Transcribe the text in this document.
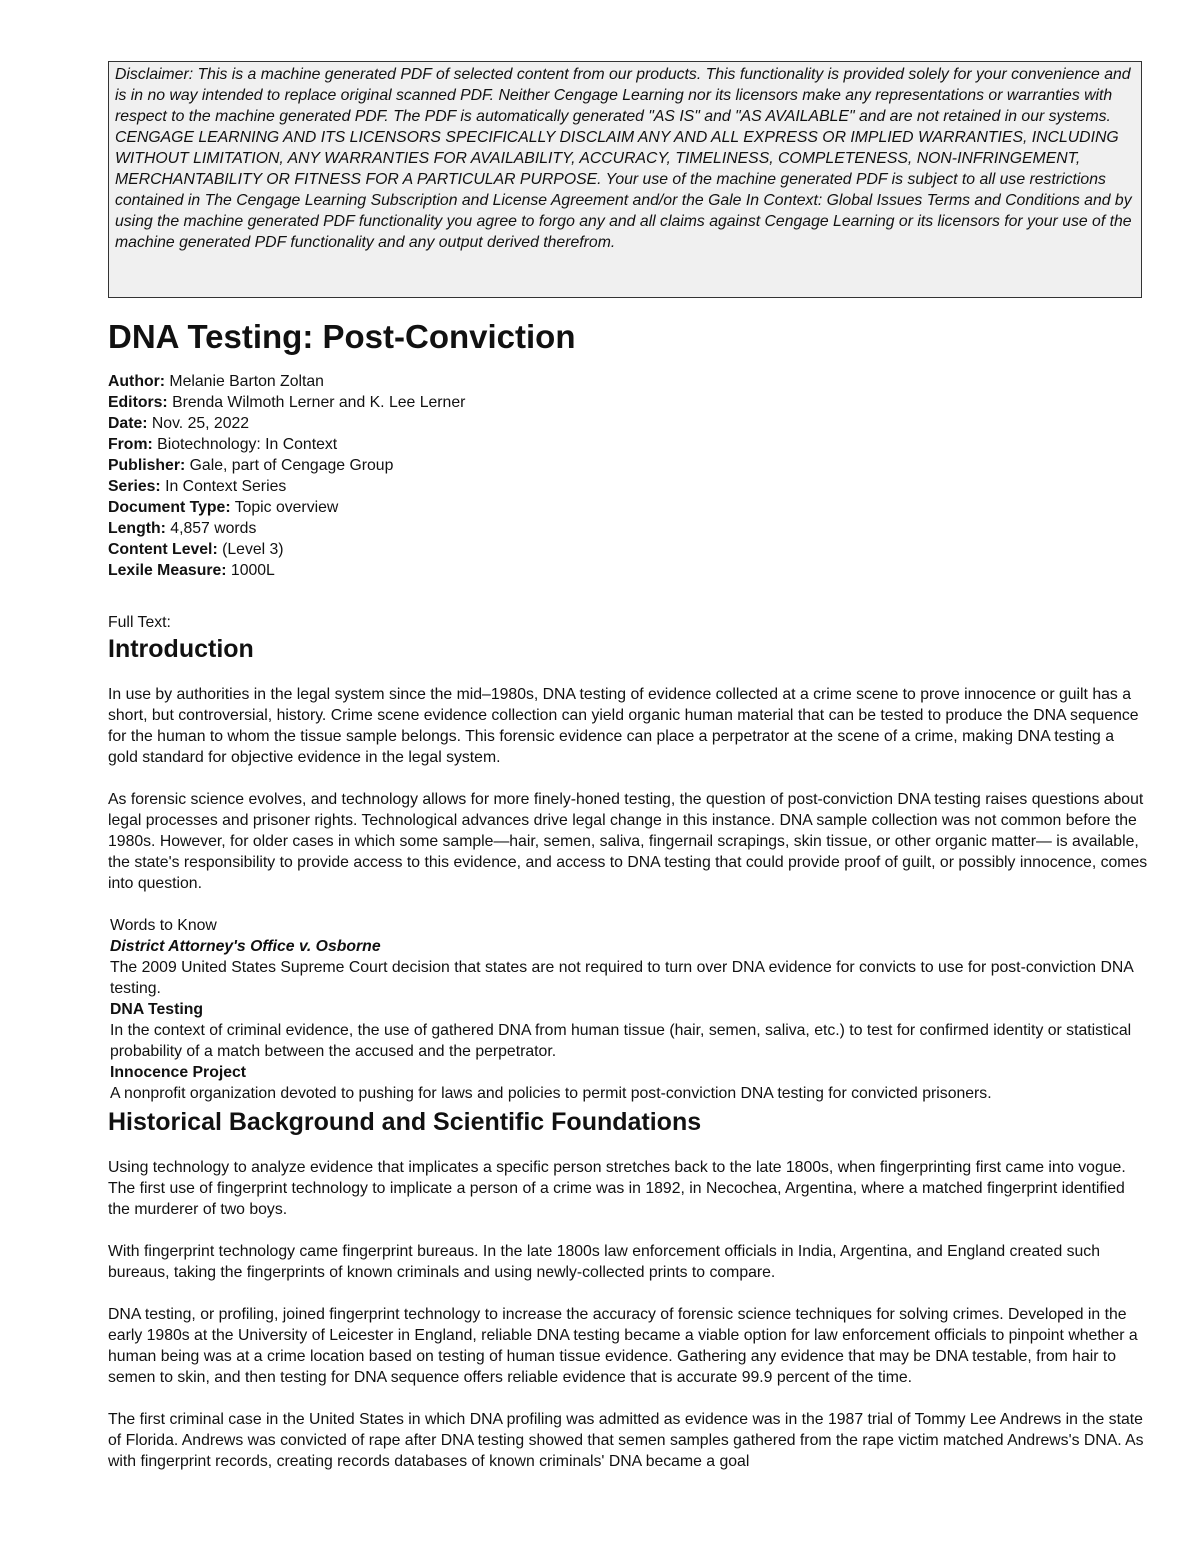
Disclaimer: This is a machine generated PDF of selected content from our products. This functionality is provided solely for your convenience and is in no way intended to replace original scanned PDF. Neither Cengage Learning nor its licensors make any representations or warranties with respect to the machine generated PDF. The PDF is automatically generated "AS IS" and "AS AVAILABLE" and are not retained in our systems. CENGAGE LEARNING AND ITS LICENSORS SPECIFICALLY DISCLAIM ANY AND ALL EXPRESS OR IMPLIED WARRANTIES, INCLUDING WITHOUT LIMITATION, ANY WARRANTIES FOR AVAILABILITY, ACCURACY, TIMELINESS, COMPLETENESS, NON-INFRINGEMENT, MERCHANTABILITY OR FITNESS FOR A PARTICULAR PURPOSE. Your use of the machine generated PDF is subject to all use restrictions contained in The Cengage Learning Subscription and License Agreement and/or the Gale In Context: Global Issues Terms and Conditions and by using the machine generated PDF functionality you agree to forgo any and all claims against Cengage Learning or its licensors for your use of the machine generated PDF functionality and any output derived therefrom.
DNA Testing: Post-Conviction
Author: Melanie Barton Zoltan
Editors: Brenda Wilmoth Lerner and K. Lee Lerner
Date: Nov. 25, 2022
From: Biotechnology: In Context
Publisher: Gale, part of Cengage Group
Series: In Context Series
Document Type: Topic overview
Length: 4,857 words
Content Level: (Level 3)
Lexile Measure: 1000L
Full Text:
Introduction

In use by authorities in the legal system since the mid–1980s, DNA testing of evidence collected at a crime scene to prove innocence or guilt has a short, but controversial, history. Crime scene evidence collection can yield organic human material that can be tested to produce the DNA sequence for the human to whom the tissue sample belongs. This forensic evidence can place a perpetrator at the scene of a crime, making DNA testing a gold standard for objective evidence in the legal system.

As forensic science evolves, and technology allows for more finely-honed testing, the question of post-conviction DNA testing raises questions about legal processes and prisoner rights. Technological advances drive legal change in this instance. DNA sample collection was not common before the 1980s. However, for older cases in which some sample—hair, semen, saliva, fingernail scrapings, skin tissue, or other organic matter— is available, the state's responsibility to provide access to this evidence, and access to DNA testing that could provide proof of guilt, or possibly innocence, comes into question.

Words to Know
District Attorney's Office v. Osborne
The 2009 United States Supreme Court decision that states are not required to turn over DNA evidence for convicts to use for post-conviction DNA testing.
DNA Testing
In the context of criminal evidence, the use of gathered DNA from human tissue (hair, semen, saliva, etc.) to test for confirmed identity or statistical probability of a match between the accused and the perpetrator.
Innocence Project
A nonprofit organization devoted to pushing for laws and policies to permit post-conviction DNA testing for convicted prisoners.
Historical Background and Scientific Foundations

Using technology to analyze evidence that implicates a specific person stretches back to the late 1800s, when fingerprinting first came into vogue. The first use of fingerprint technology to implicate a person of a crime was in 1892, in Necochea, Argentina, where a matched fingerprint identified the murderer of two boys.

With fingerprint technology came fingerprint bureaus. In the late 1800s law enforcement officials in India, Argentina, and England created such bureaus, taking the fingerprints of known criminals and using newly-collected prints to compare.

DNA testing, or profiling, joined fingerprint technology to increase the accuracy of forensic science techniques for solving crimes. Developed in the early 1980s at the University of Leicester in England, reliable DNA testing became a viable option for law enforcement officials to pinpoint whether a human being was at a crime location based on testing of human tissue evidence. Gathering any evidence that may be DNA testable, from hair to semen to skin, and then testing for DNA sequence offers reliable evidence that is accurate 99.9 percent of the time.

The first criminal case in the United States in which DNA profiling was admitted as evidence was in the 1987 trial of Tommy Lee Andrews in the state of Florida. Andrews was convicted of rape after DNA testing showed that semen samples gathered from the rape victim matched Andrews's DNA. As with fingerprint records, creating records databases of known criminals' DNA became a goal
